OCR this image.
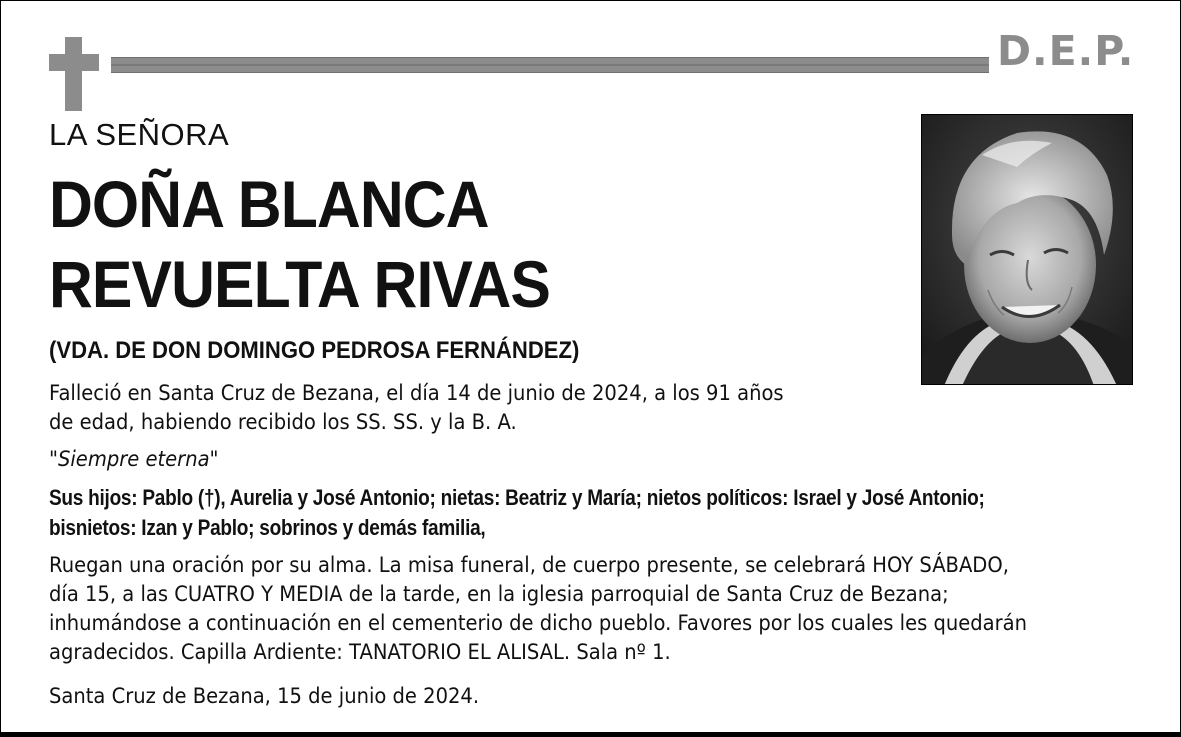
D.E.P.

LA SEÑORA

DOÑA BLANCA

REVUELTA RIVAS

(VDA. DE DON DOMINGO PEDROSA FERNÁNDEZ)

Falleció en Santa Cruz de Bezana, el día 14 de junio de 2024, a los 91 años
de edad, habiendo recibido los SS. SS. y la B. A.

"Siempre eterna"

Sus hijos: Pablo (†), Aurelia y José Antonio; nietas: Beatriz y María; nietos políticos: Israel y José Antonio;
bisnietos: Izan y Pablo; sobrinos y demás familia,
Ruegan una oración por su alma. La misa funeral, de cuerpo presente, se celebrará HOY SÁBADO,
día 15, a las CUATRO Y MEDIA de la tarde, en la iglesia parroquial de Santa Cruz de Bezana;
inhumándose a continuación en el cementerio de dicho pueblo. Favores por los cuales les quedarán
agradecidos. Capilla Ardiente: TANATORIO EL ALISAL. Sala nº 1.

Santa Cruz de Bezana, 15 de junio de 2024.
